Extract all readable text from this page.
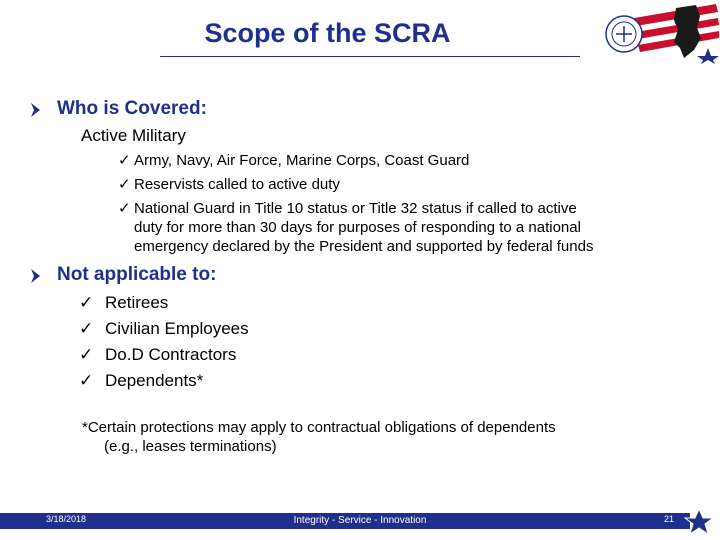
Scope of the SCRA
Who is Covered:
Active Military
✓ Army, Navy, Air Force, Marine Corps, Coast Guard
✓ Reservists called to active duty
✓ National Guard in Title 10 status or Title 32 status if called to active
duty for more than 30 days for purposes of responding to a national
emergency declared by the President and supported by federal funds
Not applicable to:
✓ Retirees
✓ Civilian Employees
✓ Do.D Contractors
✓ Dependents*
*Certain protections may apply to contractual obligations of dependents
(e.g., leases terminations)
3/18/2018	Integrity - Service - Innovation	21
